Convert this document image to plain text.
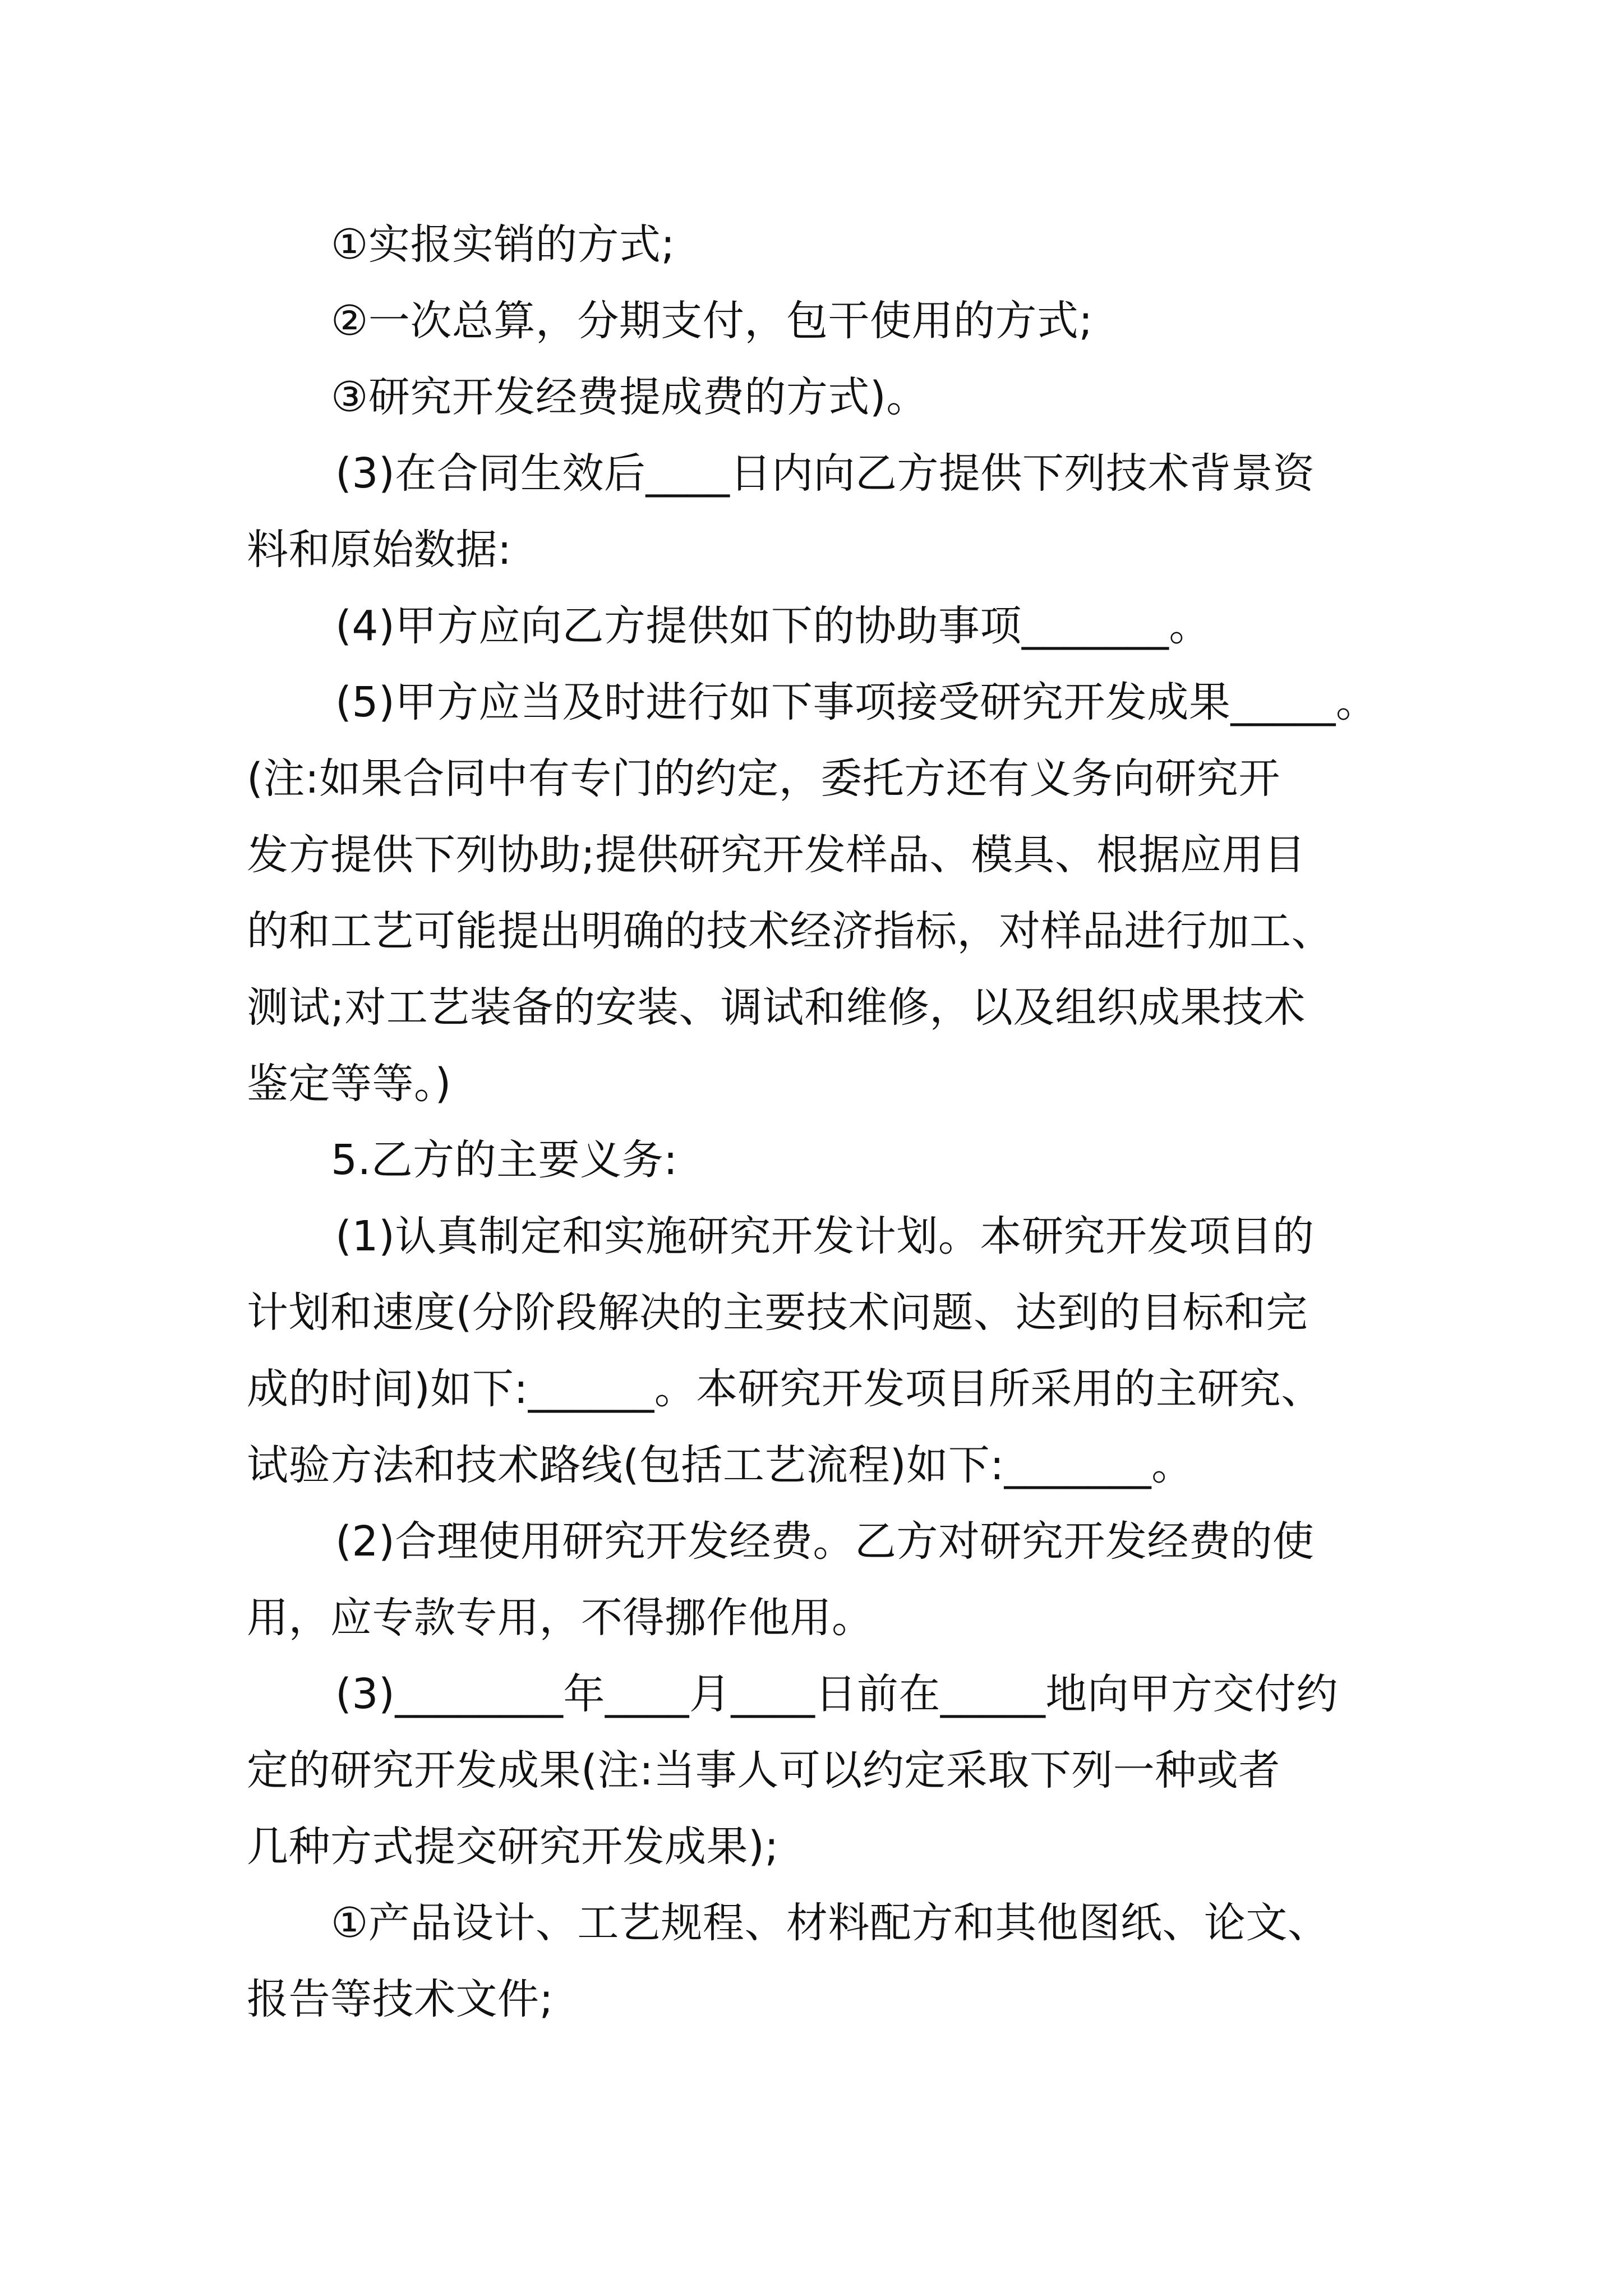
①实报实销的方式;
②一次总算，分期支付，包干使用的方式;
③研究开发经费提成费的方式)。
(3)在合同生效后____日内向乙方提供下列技术背景资
料和原始数据:
(4)甲方应向乙方提供如下的协助事项_______。
(5)甲方应当及时进行如下事项接受研究开发成果_____。
(注:如果合同中有专门的约定，委托方还有义务向研究开
发方提供下列协助;提供研究开发样品、模具、根据应用目
的和工艺可能提出明确的技术经济指标，对样品进行加工、
测试;对工艺装备的安装、调试和维修，以及组织成果技术
鉴定等等。)
5.乙方的主要义务:
(1)认真制定和实施研究开发计划。本研究开发项目的
计划和速度(分阶段解决的主要技术问题、达到的目标和完
成的时间)如下:______。本研究开发项目所采用的主研究、
试验方法和技术路线(包括工艺流程)如下:_______。
(2)合理使用研究开发经费。乙方对研究开发经费的使
用，应专款专用，不得挪作他用。
(3)________年____月____日前在_____地向甲方交付约
定的研究开发成果(注:当事人可以约定采取下列一种或者
几种方式提交研究开发成果);
①产品设计、工艺规程、材料配方和其他图纸、论文、
报告等技术文件;
